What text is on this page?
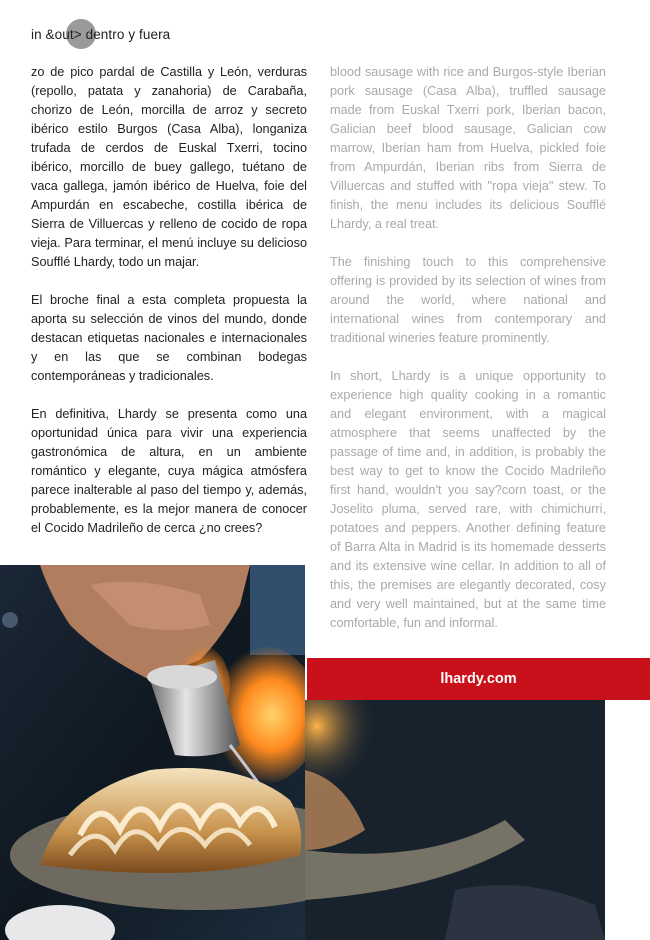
in & out > dentro y fuera

zo de pico pardal de Castilla y León, verduras (repollo, patata y zanahoria) de Carabaña, chorizo de León, morcilla de arroz y secreto ibérico estilo Burgos (Casa Alba), longaniza trufada de cerdos de Euskal Txerri, tocino ibérico, morcillo de buey gallego, tuétano de vaca gallega, jamón ibérico de Huelva, foie del Ampurdán en escabeche, costilla ibérica de Sierra de Villuercas y relleno de cocido de ropa vieja. Para terminar, el menú incluye su delicioso Soufflé Lhardy, todo un majar.

El broche final a esta completa propuesta la aporta su selección de vinos del mundo, donde destacan etiquetas nacionales e internacionales y en las que se combinan bodegas contemporáneas y tradicionales.

En definitiva, Lhardy se presenta como una oportunidad única para vivir una experiencia gastronómica de altura, en un ambiente romántico y elegante, cuya mágica atmósfera parece inalterable al paso del tiempo y, además, probablemente, es la mejor manera de conocer el Cocido Madrileño de cerca ¿no crees?

blood sausage with rice and Burgos-style Iberian pork sausage (Casa Alba), truffled sausage made from Euskal Txerri pork, Iberian bacon, Galician beef blood sausage, Galician cow marrow, Iberian ham from Huelva, pickled foie from Ampurdán, Iberian ribs from Sierra de Villuercas and stuffed with "ropa vieja" stew. To finish, the menu includes its delicious Soufflé Lhardy, a real treat.

The finishing touch to this comprehensive offering is provided by its selection of wines from around the world, where national and international wines from contemporary and traditional wineries feature prominently.

In short, Lhardy is a unique opportunity to experience high quality cooking in a romantic and elegant environment, with a magical atmosphere that seems unaffected by the passage of time and, in addition, is probably the best way to get to know the Cocido Madrileño first hand, wouldn't you say?corn toast, or the Joselito pluma, served rare, with chimichurri, potatoes and peppers. Another defining feature of Barra Alta in Madrid is its homemade desserts and its extensive wine cellar. In addition to all of this, the premises are elegantly decorated, cosy and very well maintained, but at the same time comfortable, fun and informal.

lhardy.com
